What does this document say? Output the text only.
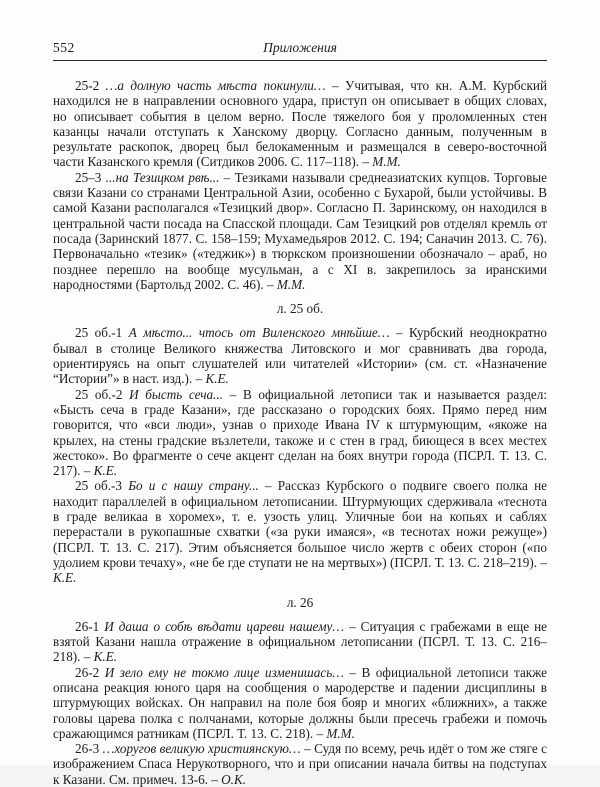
552	Приложения

25-2 …а долную часть мѣста покинули… – Учитывая, что кн. А.М. Курбский находился не в направлении основного удара, приступ он описывает в общих словах, но описывает события в целом верно. После тяжелого боя у проломленных стен казанцы начали отступать к Ханскому дворцу. Согласно данным, полученным в результате раскопок, дворец был белокаменным и размещался в северо-восточной части Казанского кремля (Ситдиков 2006. С. 117–118). – М.М.

25–3 ...на Тезицком рвѣ... – Тезиками называли среднеазиатских купцов. Торговые связи Казани со странами Центральной Азии, особенно с Бухарой, были устойчивы. В самой Казани располагался «Тезицкий двор». Согласно П. Заринскому, он находился в центральной части посада на Спасской площади. Сам Тезицкий ров отделял кремль от посада (Заринский 1877. С. 158–159; Мухамедьяров 2012. С. 194; Саначин 2013. С. 76). Первоначально «тезик» («теджик») в тюркском произношении обозначало – араб, но позднее перешло на вообще мусульман, а с XI в. закрепилось за иранскими народностями (Бартольд 2002. С. 46). – М.М.

л. 25 об.

25 об.-1 А мѣсто... чтось от Виленского мнѣйше… – Курбский неоднократно бывал в столице Великого княжества Литовского и мог сравнивать два города, ориентируясь на опыт слушателей или читателей «Истории» (см. ст. «Назначение “Истории”» в наст. изд.). – К.Е.

25 об.-2 И бысть сеча... – В официальной летописи так и называется раздел: «Бысть сеча в граде Казани», где рассказано о городских боях. Прямо перед ним говорится, что «вси люди», узнав о приходе Ивана IV к штурмующим, «якоже на крылех, на стены градские възлетели, такоже и с стен в град, биющеся в всех местех жестоко». Во фрагменте о сече акцент сделан на боях внутри города (ПСРЛ. Т. 13. С. 217). – К.Е.

25 об.-3 Бо и с нашу страну... – Рассказ Курбского о подвиге своего полка не находит параллелей в официальном летописании. Штурмующих сдерживала «теснота в граде великаа в хоромех», т. е. узость улиц. Уличные бои на копьях и саблях перерастали в рукопашные схватки («за руки имаяся», «в теснотах ножи режуще») (ПСРЛ. Т. 13. С. 217). Этим объясняется большое число жертв с обеих сторон («по удолием крови течаху», «не бе где ступати не на мертвых») (ПСРЛ. Т. 13. С. 218–219). – К.Е.

л. 26

26-1 И даша о собѣ вѣдати цареви нашему… – Ситуация с грабежами в еще не взятой Казани нашла отражение в официальном летописании (ПСРЛ. Т. 13. С. 216–218). – К.Е.

26-2 И зело ему не токмо лице изменишась… – В официальной летописи также описана реакция юного царя на сообщения о мародерстве и падении дисциплины в штурмующих войсках. Он направил на поле боя бояр и многих «ближних», а также головы царева полка с полчанами, которые должны были пресечь грабежи и помочь сражающимся ратникам (ПСРЛ. Т. 13. С. 218). – М.М.

26-3 …хоругов великую християнскую… – Судя по всему, речь идёт о том же стяге с изображением Спаса Нерукотворного, что и при описании начала битвы на подступах к Казани. См. примеч. 13-6. – О.К.
